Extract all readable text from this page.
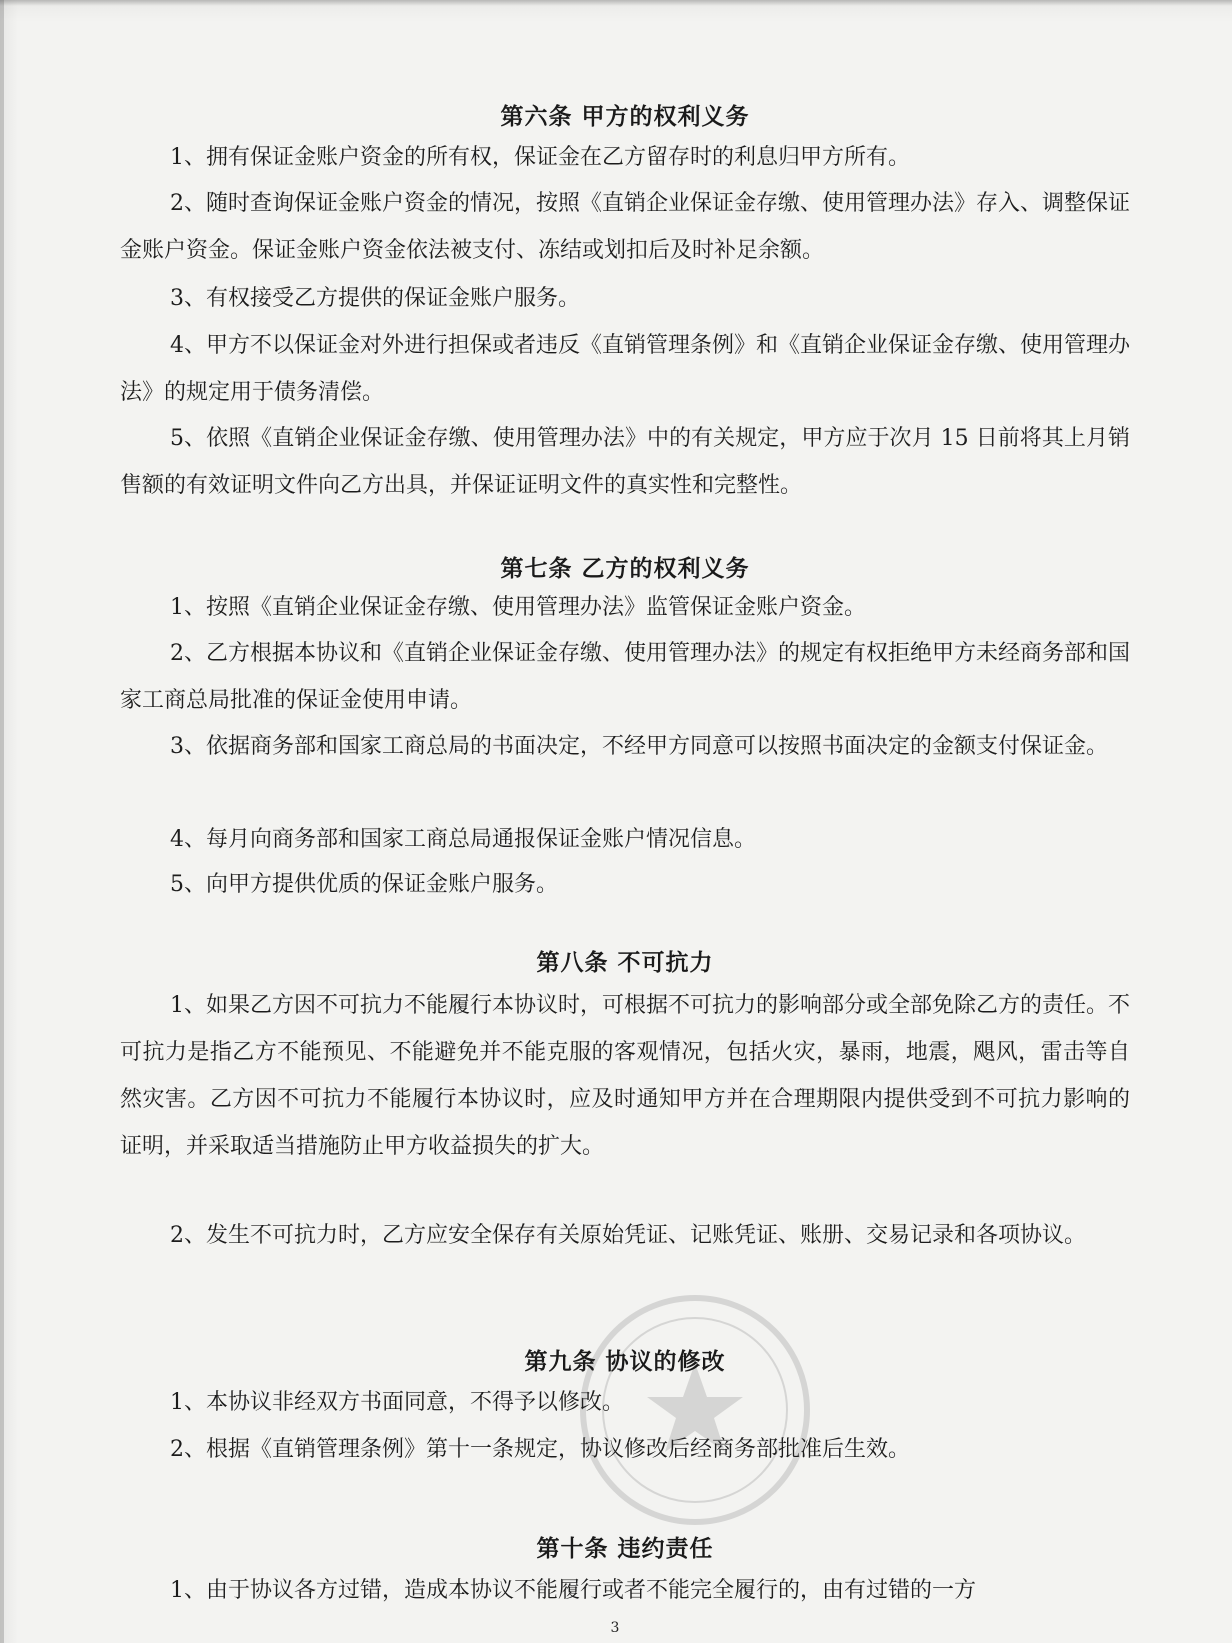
第六条 甲方的权利义务
1、拥有保证金账户资金的所有权，保证金在乙方留存时的利息归甲方所有。
2、随时查询保证金账户资金的情况，按照《直销企业保证金存缴、使用管理办法》存入、调整保证金账户资金。保证金账户资金依法被支付、冻结或划扣后及时补足余额。
3、有权接受乙方提供的保证金账户服务。
4、甲方不以保证金对外进行担保或者违反《直销管理条例》和《直销企业保证金存缴、使用管理办法》的规定用于债务清偿。
5、依照《直销企业保证金存缴、使用管理办法》中的有关规定，甲方应于次月 15 日前将其上月销售额的有效证明文件向乙方出具，并保证证明文件的真实性和完整性。
第七条 乙方的权利义务
1、按照《直销企业保证金存缴、使用管理办法》监管保证金账户资金。
2、乙方根据本协议和《直销企业保证金存缴、使用管理办法》的规定有权拒绝甲方未经商务部和国家工商总局批准的保证金使用申请。
3、依据商务部和国家工商总局的书面决定，不经甲方同意可以按照书面决定的金额支付保证金。
4、每月向商务部和国家工商总局通报保证金账户情况信息。
5、向甲方提供优质的保证金账户服务。
第八条 不可抗力
1、如果乙方因不可抗力不能履行本协议时，可根据不可抗力的影响部分或全部免除乙方的责任。不可抗力是指乙方不能预见、不能避免并不能克服的客观情况，包括火灾，暴雨，地震，飓风，雷击等自然灾害。乙方因不可抗力不能履行本协议时，应及时通知甲方并在合理期限内提供受到不可抗力影响的证明，并采取适当措施防止甲方收益损失的扩大。
2、发生不可抗力时，乙方应安全保存有关原始凭证、记账凭证、账册、交易记录和各项协议。
第九条 协议的修改
1、本协议非经双方书面同意，不得予以修改。
2、根据《直销管理条例》第十一条规定，协议修改后经商务部批准后生效。
第十条 违约责任
1、由于协议各方过错，造成本协议不能履行或者不能完全履行的，由有过错的一方
3
